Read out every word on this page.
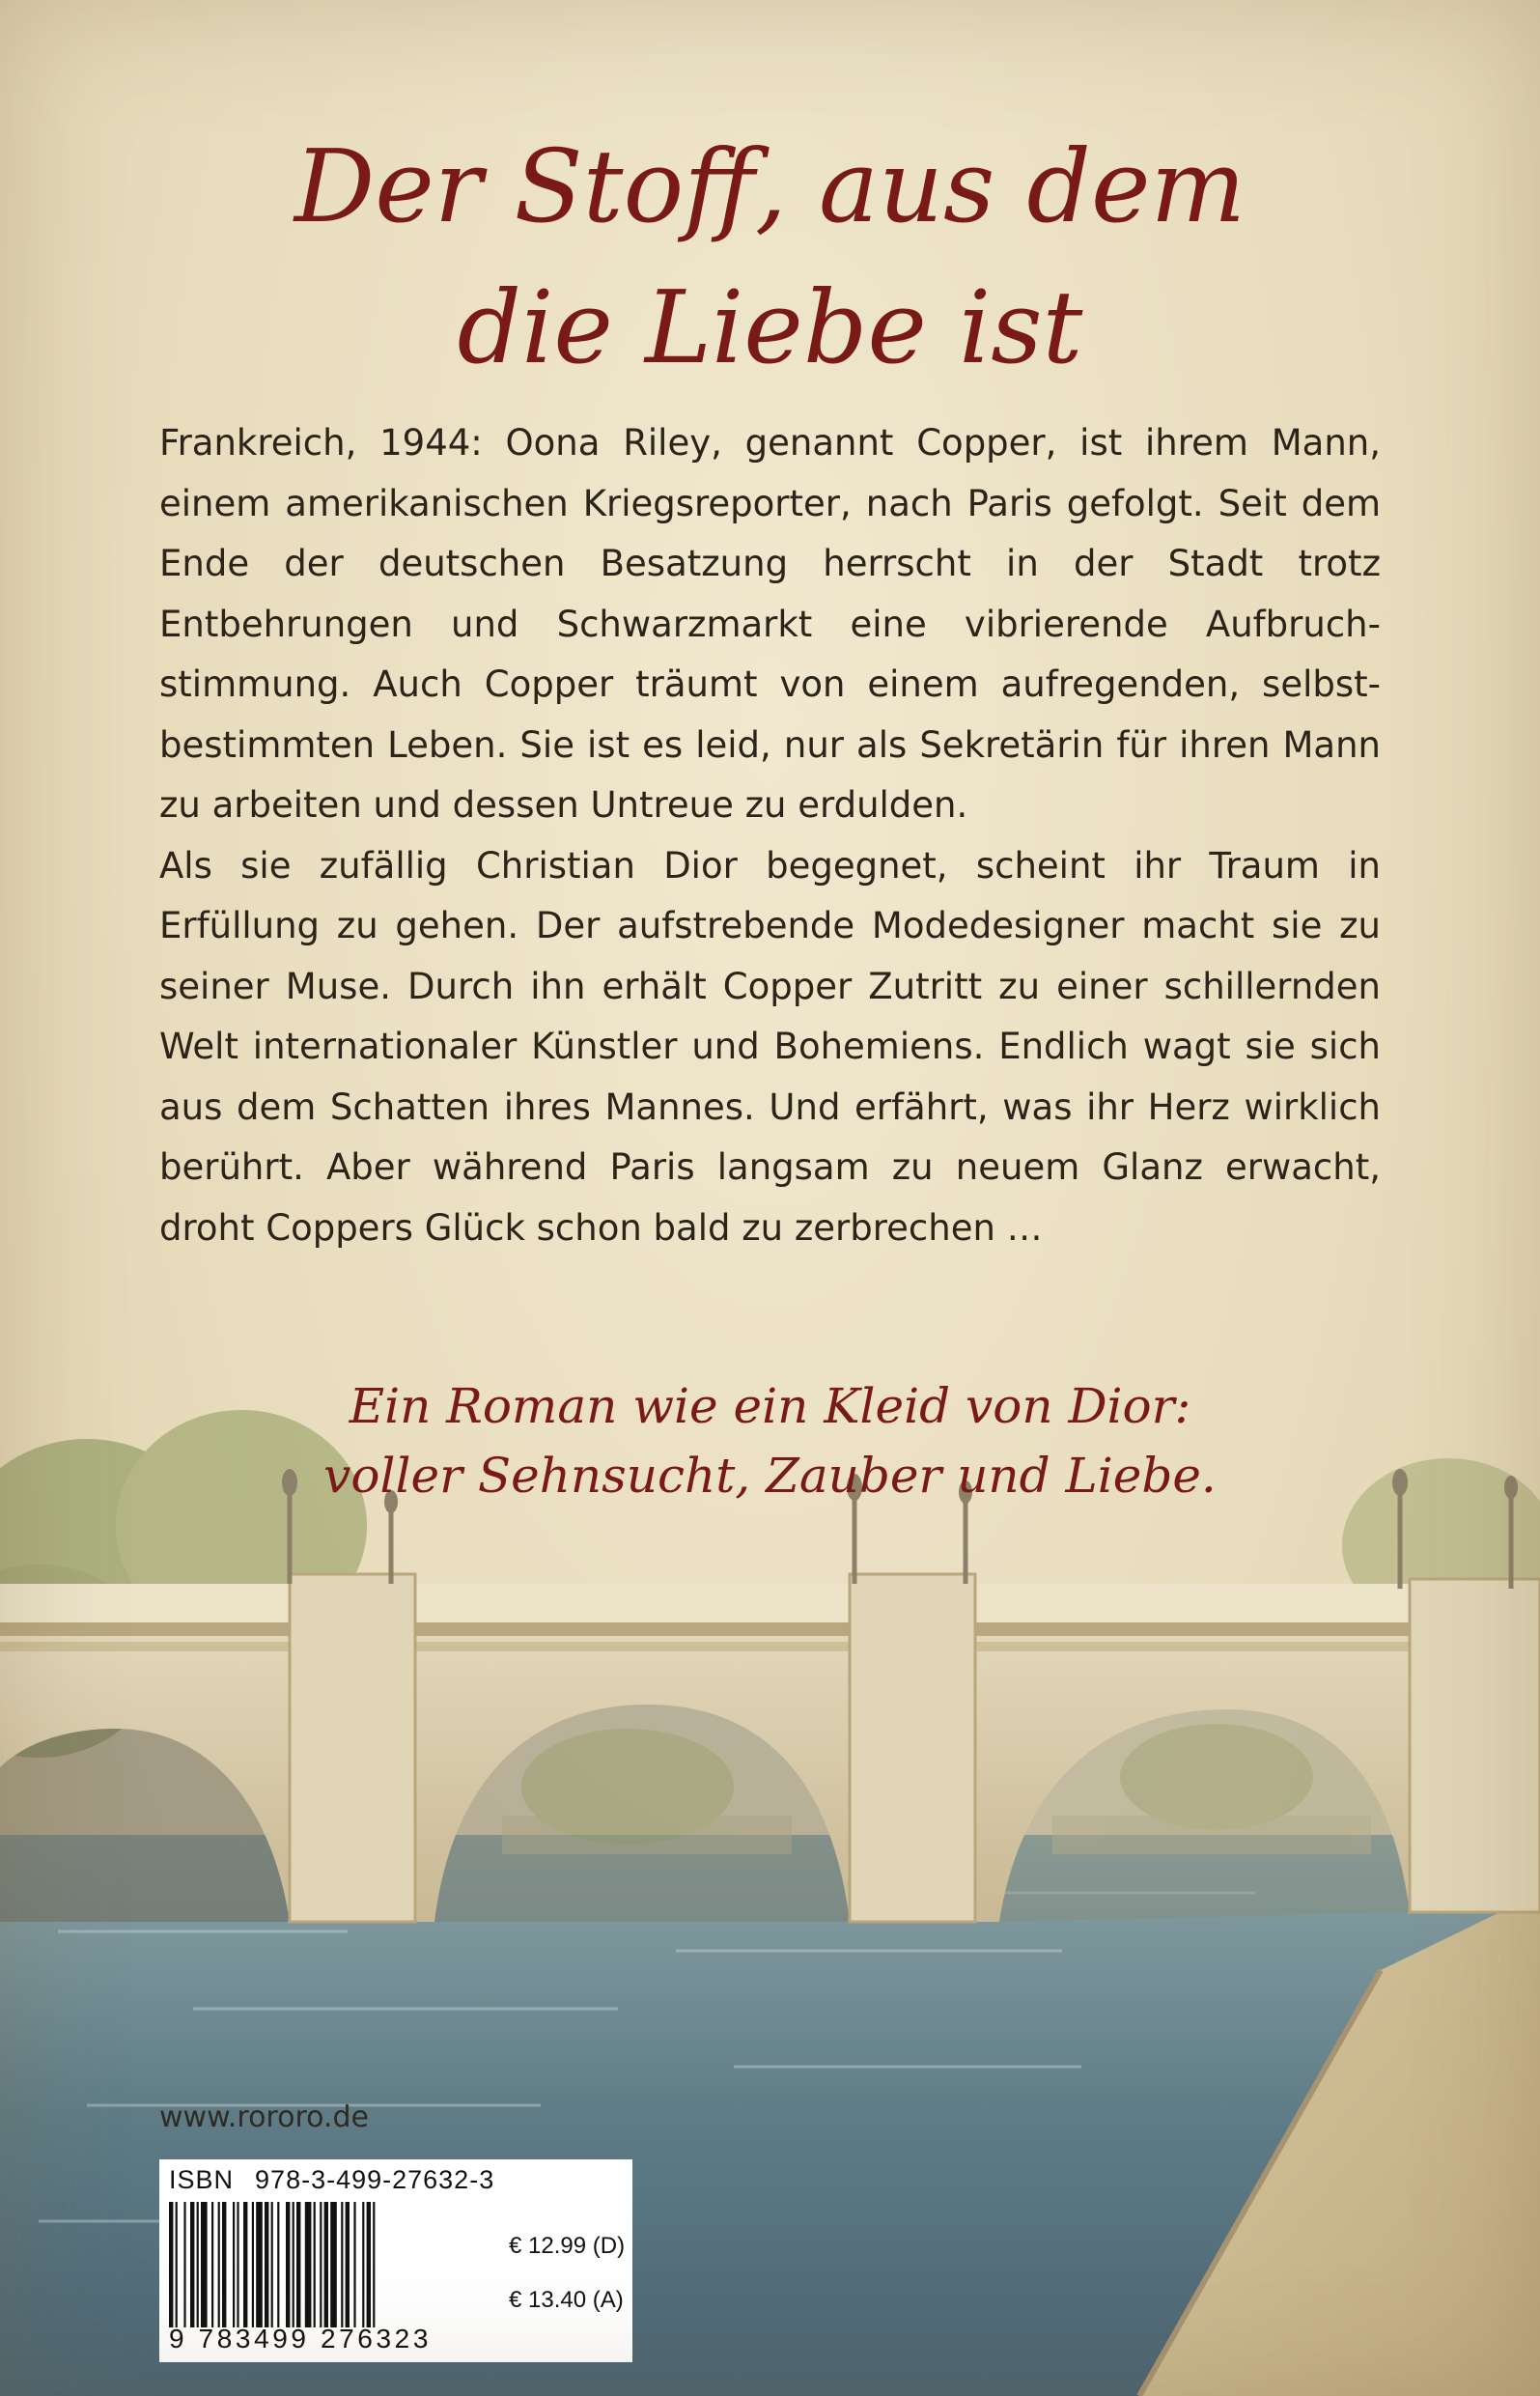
Der Stoff, aus dem
die Liebe ist

Frankreich, 1944: Oona Riley, genannt Copper, ist ihrem Mann, einem amerikanischen Kriegsreporter, nach Paris gefolgt. Seit dem Ende der deutschen Besatzung herrscht in der Stadt trotz Entbehrungen und Schwarzmarkt eine vibrierende Aufbruchstimmung. Auch Copper träumt von einem aufregenden, selbstbestimmten Leben. Sie ist es leid, nur als Sekretärin für ihren Mann zu arbeiten und dessen Untreue zu erdulden.

Als sie zufällig Christian Dior begegnet, scheint ihr Traum in Erfüllung zu gehen. Der aufstrebende Modedesigner macht sie zu seiner Muse. Durch ihn erhält Copper Zutritt zu einer schillernden Welt internationaler Künstler und Bohemiens. Endlich wagt sie sich aus dem Schatten ihres Mannes. Und erfährt, was ihr Herz wirklich berührt. Aber während Paris langsam zu neuem Glanz erwacht, droht Coppers Glück schon bald zu zerbrechen …

Ein Roman wie ein Kleid von Dior:
voller Sehnsucht, Zauber und Liebe.
www.rororo.de
ISBN 978-3-499-27632-3
9 783499 276323
€ 12.99 (D)
€ 13.40 (A)
